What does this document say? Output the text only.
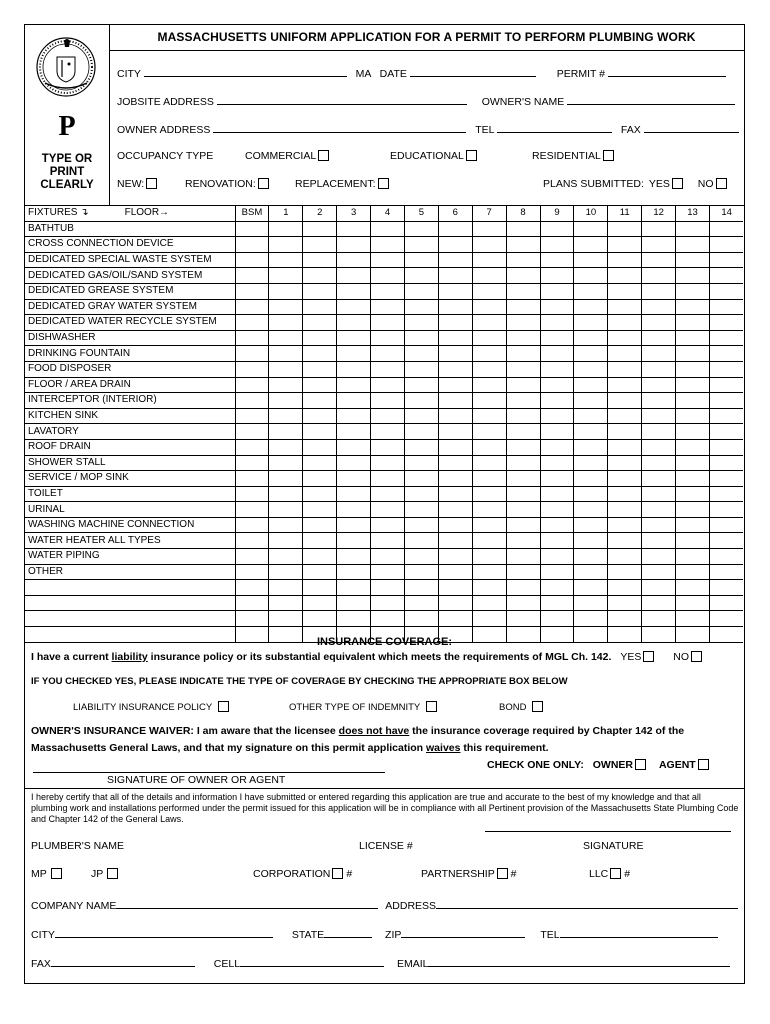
P
TYPE OR
PRINT
CLEARLY
MASSACHUSETTS UNIFORM APPLICATION FOR A PERMIT TO PERFORM PLUMBING WORK
CITY	MA DATE	PERMIT #
JOBSITE ADDRESS	OWNER'S NAME
OWNER ADDRESS	TEL	FAX
OCCUPANCY TYPE	COMMERCIAL	EDUCATIONAL	RESIDENTIAL
NEW:	RENOVATION:	REPLACEMENT:	PLANS SUBMITTED: YES	NO
FIXTURES ↴ FLOOR→	BSM	1	2	3	4	5	6	7	8	9	10	11	12	13	14
BATHTUB															
CROSS CONNECTION DEVICE															
DEDICATED SPECIAL WASTE SYSTEM															
DEDICATED GAS/OIL/SAND SYSTEM															
DEDICATED GREASE SYSTEM															
DEDICATED GRAY WATER SYSTEM															
DEDICATED WATER RECYCLE SYSTEM															
DISHWASHER															
DRINKING FOUNTAIN															
FOOD DISPOSER															
FLOOR / AREA DRAIN															
INTERCEPTOR (INTERIOR)															
KITCHEN SINK															
LAVATORY															
ROOF DRAIN															
SHOWER STALL															
SERVICE / MOP SINK															
TOILET															
URINAL															
WASHING MACHINE CONNECTION															
WATER HEATER ALL TYPES															
WATER PIPING															
OTHER															

INSURANCE COVERAGE:
I have a current liability insurance policy or its substantial equivalent which meets the requirements of MGL Ch. 142. YES	NO
IF YOU CHECKED YES, PLEASE INDICATE THE TYPE OF COVERAGE BY CHECKING THE APPROPRIATE BOX BELOW
LIABILITY INSURANCE POLICY	OTHER TYPE OF INDEMNITY	BOND
OWNER'S INSURANCE WAIVER: I am aware that the licensee does not have the insurance coverage required by Chapter 142 of the
Massachusetts General Laws, and that my signature on this permit application waives this requirement.
SIGNATURE OF OWNER OR AGENT
CHECK ONE ONLY: OWNER AGENT
I hereby certify that all of the details and information I have submitted or entered regarding this application are true and accurate to the best of my knowledge and that all plumbing work and installations performed under the permit issued for this application will be in compliance with all Pertinent provision of the Massachusetts State Plumbing Code and Chapter 142 of the General Laws.
PLUMBER'S NAME	LICENSE #	SIGNATURE
MP	JP	CORPORATION #	PARTNERSHIP #	LLC #
COMPANY NAME	ADDRESS
CITY	STATE	ZIP	TEL
FAX	CELL	EMAIL
